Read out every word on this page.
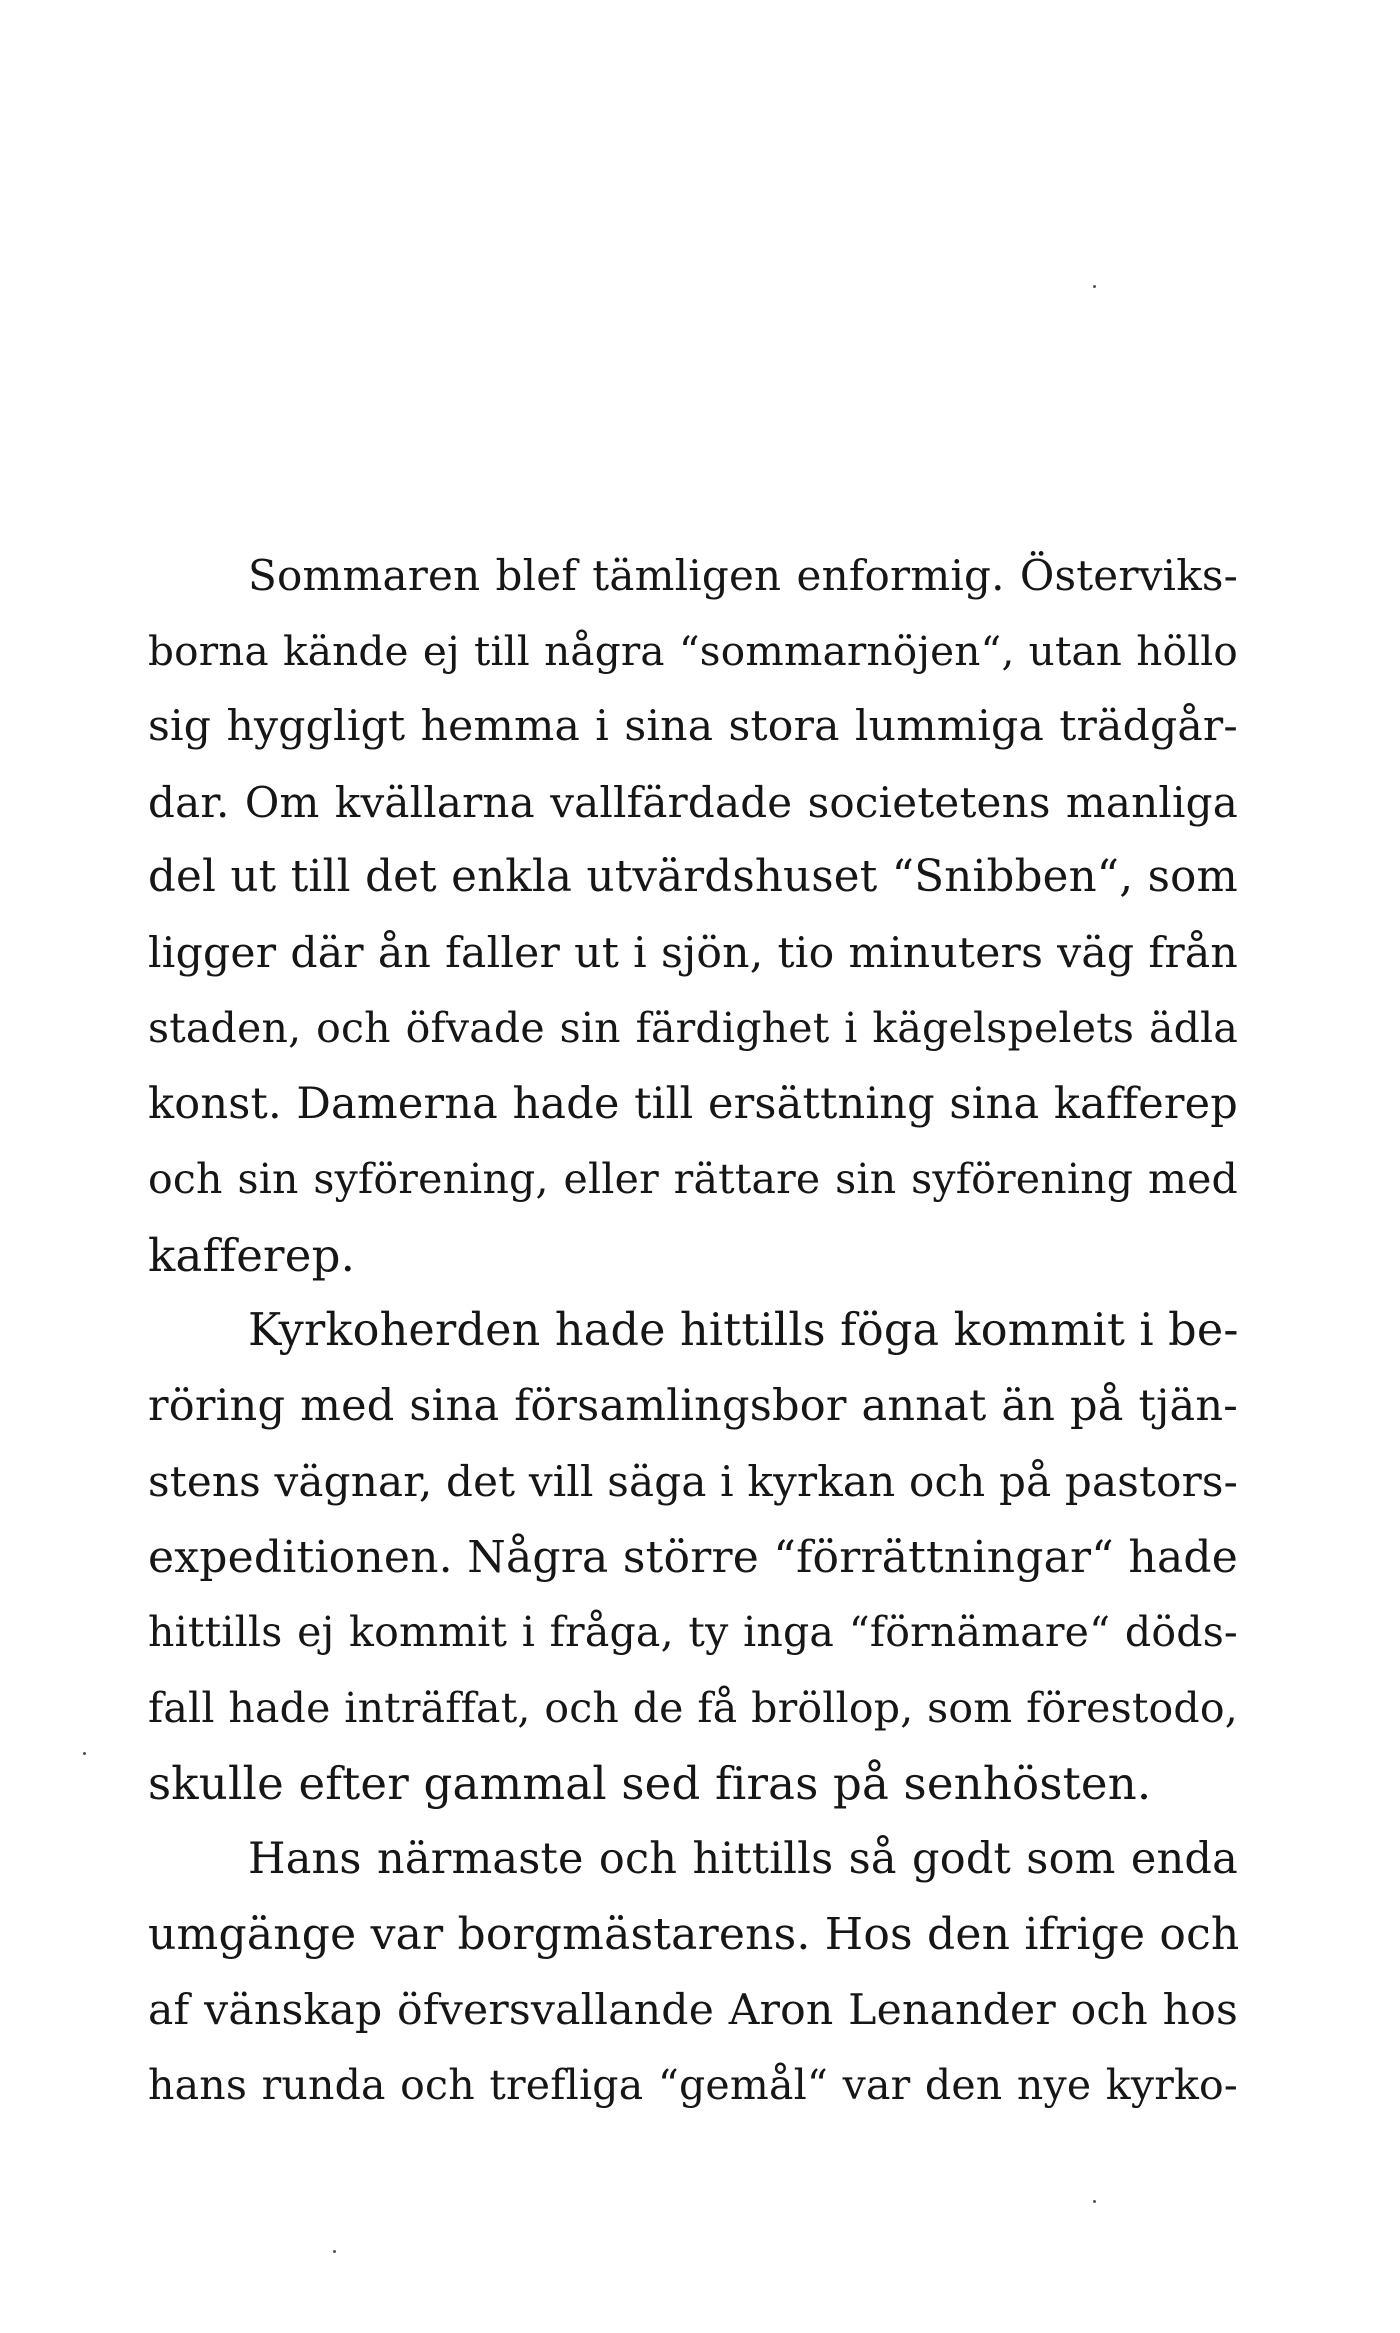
Sommaren blef tämligen enformig. Österviks-
borna kände ej till några “sommarnöjen“, utan höllo
sig hyggligt hemma i sina stora lummiga trädgår-
dar. Om kvällarna vallfärdade societetens manliga
del ut till det enkla utvärdshuset “Snibben“, som
ligger där ån faller ut i sjön, tio minuters väg från
staden, och öfvade sin färdighet i kägelspelets ädla
konst. Damerna hade till ersättning sina kafferep
och sin syförening, eller rättare sin syförening med
kafferep.
Kyrkoherden hade hittills föga kommit i be-
röring med sina församlingsbor annat än på tjän-
stens vägnar, det vill säga i kyrkan och på pastors-
expeditionen. Några större “förrättningar“ hade
hittills ej kommit i fråga, ty inga “förnämare“ döds-
fall hade inträffat, och de få bröllop, som förestodo,
skulle efter gammal sed firas på senhösten.
Hans närmaste och hittills så godt som enda
umgänge var borgmästarens. Hos den ifrige och
af vänskap öfversvallande Aron Lenander och hos
hans runda och trefliga “gemål“ var den nye kyrko-
